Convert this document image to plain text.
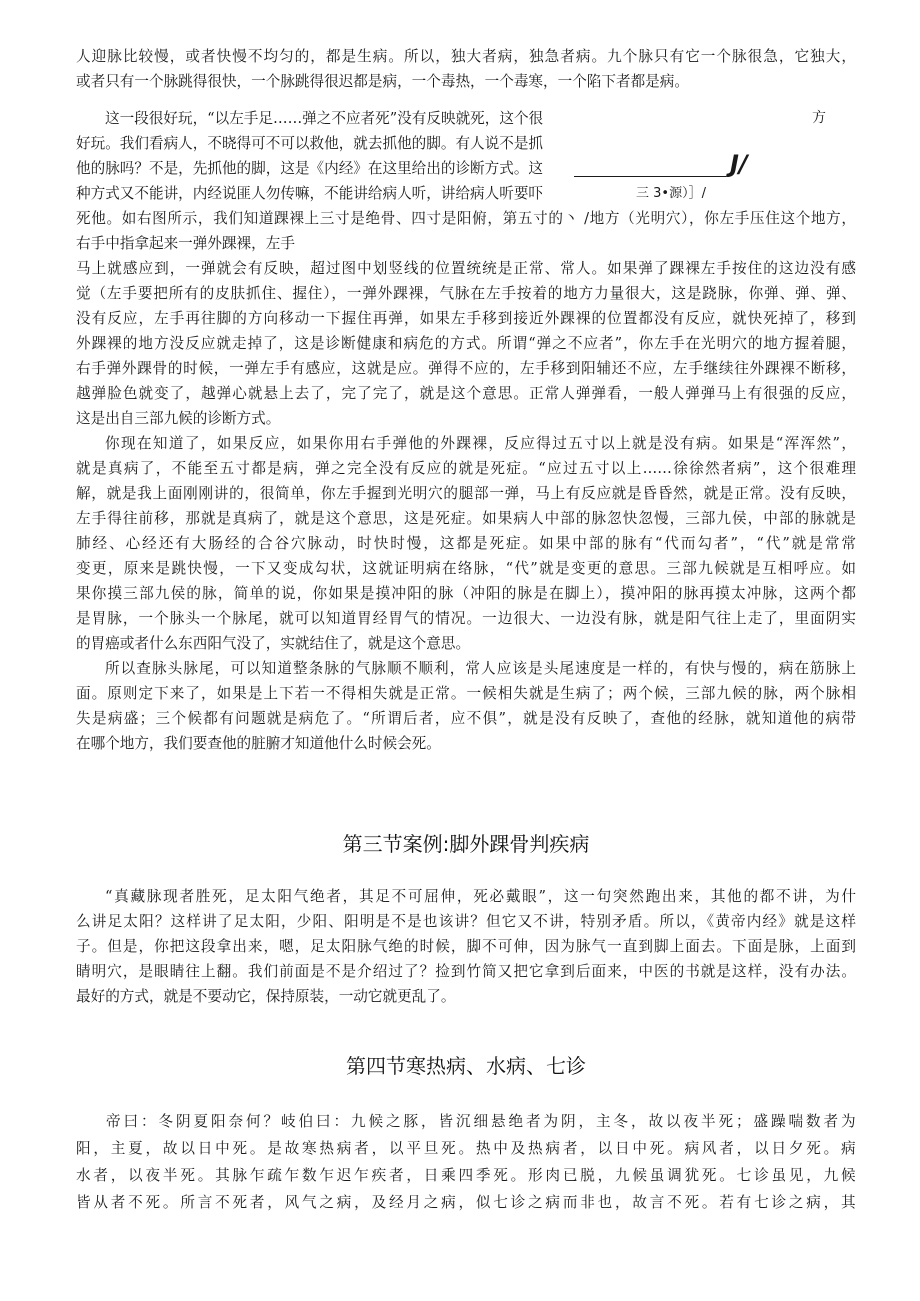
人迎脉比较慢，或者快慢不均匀的，都是生病。所以，独大者病，独急者病。九个脉只有它一个脉很急，它独大，
或者只有一个脉跳得很快，一个脉跳得很迟都是病，一个毒热，一个毒寒，一个陷下者都是病。
这一段很好玩，“以左手足……弹之不应者死”没有反映就死，这个很
好玩。我们看病人，不晓得可不可以救他，就去抓他的脚。有人说不是抓
他的脉吗？不是，先抓他的脚，这是《内经》在这里给出的诊断方式。这
种方式又不能讲，内经说匪人勿传嘛，不能讲给病人听，讲给病人听要吓
方
J/
三 3•源）］/
死他。如右图所示，我们知道踝裸上三寸是绝骨、四寸是阳俯，第五寸的丶 /地方（光明穴），你左手压住这个地方，
右手中指拿起来一弹外踝裸，左手
马上就感应到，一弹就会有反映，超过图中划竖线的位置统统是正常、常人。如果弹了踝裸左手按住的这边没有感
觉（左手要把所有的皮肤抓住、握住），一弹外踝裸，气脉在左手按着的地方力量很大，这是跷脉，你弹、弹、弹、
没有反应，左手再往脚的方向移动一下握住再弹，如果左手移到接近外踝裸的位置都没有反应，就快死掉了，移到
外踝裸的地方没反应就走掉了，这是诊断健康和病危的方式。所谓“弹之不应者”，你左手在光明穴的地方握着腿，
右手弹外踝骨的时候，一弹左手有感应，这就是应。弹得不应的，左手移到阳辅还不应，左手继续往外踝裸不断移，
越弹脸色就变了，越弹心就悬上去了，完了完了，就是这个意思。正常人弹弹看，一般人弹弹马上有很强的反应，
这是出自三部九候的诊断方式。
你现在知道了，如果反应，如果你用右手弹他的外踝裸，反应得过五寸以上就是没有病。如果是“浑浑然”，
就是真病了，不能至五寸都是病，弹之完全没有反应的就是死症。“应过五寸以上……徐徐然者病”，这个很难理
解，就是我上面刚刚讲的，很简单，你左手握到光明穴的腿部一弹，马上有反应就是昏昏然，就是正常。没有反映，
左手得往前移，那就是真病了，就是这个意思，这是死症。如果病人中部的脉忽快忽慢，三部九侯，中部的脉就是
肺经、心经还有大肠经的合谷穴脉动，时快时慢，这都是死症。如果中部的脉有“代而勾者”，“代”就是常常
变更，原来是跳快慢，一下又变成勾状，这就证明病在络脉，“代”就是变更的意思。三部九候就是互相呼应。如
果你摸三部九侯的脉，简单的说，你如果是摸冲阳的脉（冲阳的脉是在脚上），摸冲阳的脉再摸太冲脉，这两个都
是胃脉，一个脉头一个脉尾，就可以知道胃经胃气的情况。一边很大、一边没有脉，就是阳气往上走了，里面阴实
的胃癌或者什么东西阳气没了，实就结住了，就是这个意思。
所以查脉头脉尾，可以知道整条脉的气脉顺不顺利，常人应该是头尾速度是一样的，有快与慢的，病在筋脉上
面。原则定下来了，如果是上下若一不得相失就是正常。一候相失就是生病了；两个候，三部九候的脉，两个脉相
失是病盛；三个候都有问题就是病危了。“所谓后者，应不俱”，就是没有反映了，查他的经脉，就知道他的病带
在哪个地方，我们要查他的脏腑才知道他什么时候会死。
第三节案例:脚外踝骨判疾病
“真藏脉现者胜死，足太阳气绝者，其足不可屈伸，死必戴眼”，这一句突然跑出来，其他的都不讲，为什
么讲足太阳？这样讲了足太阳，少阳、阳明是不是也该讲？但它又不讲，特别矛盾。所以，《黄帝内经》就是这样
子。但是，你把这段拿出来，嗯，足太阳脉气绝的时候，脚不可伸，因为脉气一直到脚上面去。下面是脉，上面到
睛明穴，是眼睛往上翻。我们前面是不是介绍过了？捡到竹简又把它拿到后面来，中医的书就是这样，没有办法。
最好的方式，就是不要动它，保持原装，一动它就更乱了。
第四节寒热病、水病、七诊
帝曰：冬阴夏阳奈何？岐伯曰：九候之豚，皆沉细悬绝者为阴，主冬，故以夜半死；盛躁喘数者为
阳，主夏，故以日中死。是故寒热病者，以平旦死。热中及热病者，以日中死。病风者，以日夕死。病
水者，以夜半死。其脉乍疏乍数乍迟乍疾者，日乘四季死。形肉已脱，九候虽调犹死。七诊虽见，九候
皆从者不死。所言不死者，风气之病，及经月之病，似七诊之病而非也，故言不死。若有七诊之病，其
